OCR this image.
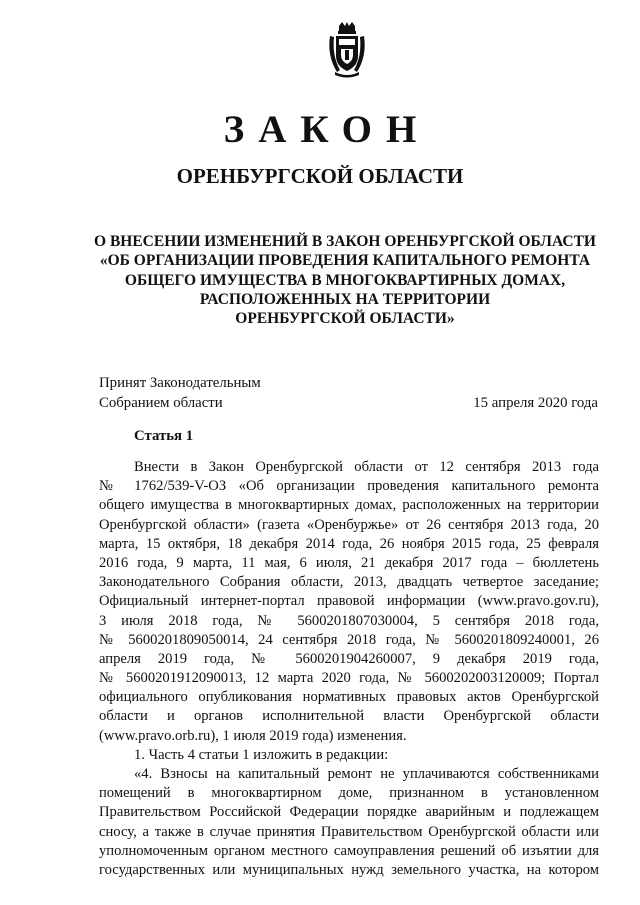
ЗАКОН
ОРЕНБУРГСКОЙ ОБЛАСТИ
О ВНЕСЕНИИ ИЗМЕНЕНИЙ В ЗАКОН ОРЕНБУРГСКОЙ ОБЛАСТИ
«ОБ ОРГАНИЗАЦИИ ПРОВЕДЕНИЯ КАПИТАЛЬНОГО РЕМОНТА
ОБЩЕГО ИМУЩЕСТВА В МНОГОКВАРТИРНЫХ ДОМАХ,
РАСПОЛОЖЕННЫХ НА ТЕРРИТОРИИ
ОРЕНБУРГСКОЙ ОБЛАСТИ»
Принят Законодательным
Собранием области	15 апреля 2020 года
Статья 1
Внести в Закон Оренбургской области от 12 сентября 2013 года
№ 1762/539-V-ОЗ «Об организации проведения капитального ремонта
общего имущества в многоквартирных домах, расположенных на территории
Оренбургской области» (газета «Оренбуржье» от 26 сентября 2013 года, 20
марта, 15 октября, 18 декабря 2014 года, 26 ноября 2015 года, 25 февраля
2016 года, 9 марта, 11 мая, 6 июля, 21 декабря 2017 года – бюллетень
Законодательного Собрания области, 2013, двадцать четвертое заседание;
Официальный интернет-портал правовой информации (www.pravo.gov.ru),
3 июля 2018 года, № 5600201807030004, 5 сентября 2018 года,
№ 5600201809050014, 24 сентября 2018 года, № 5600201809240001, 26
апреля 2019 года, № 5600201904260007, 9 декабря 2019 года,
№ 5600201912090013, 12 марта 2020 года, № 5600202003120009; Портал
официального опубликования нормативных правовых актов Оренбургской
области и органов исполнительной власти Оренбургской области
(www.pravo.orb.ru), 1 июля 2019 года) изменения.
1. Часть 4 статьи 1 изложить в редакции:
«4. Взносы на капитальный ремонт не уплачиваются собственниками
помещений в многоквартирном доме, признанном в установленном
Правительством Российской Федерации порядке аварийным и подлежащем
сносу, а также в случае принятия Правительством Оренбургской области или
уполномоченным органом местного самоуправления решений об изъятии для
государственных или муниципальных нужд земельного участка, на котором
